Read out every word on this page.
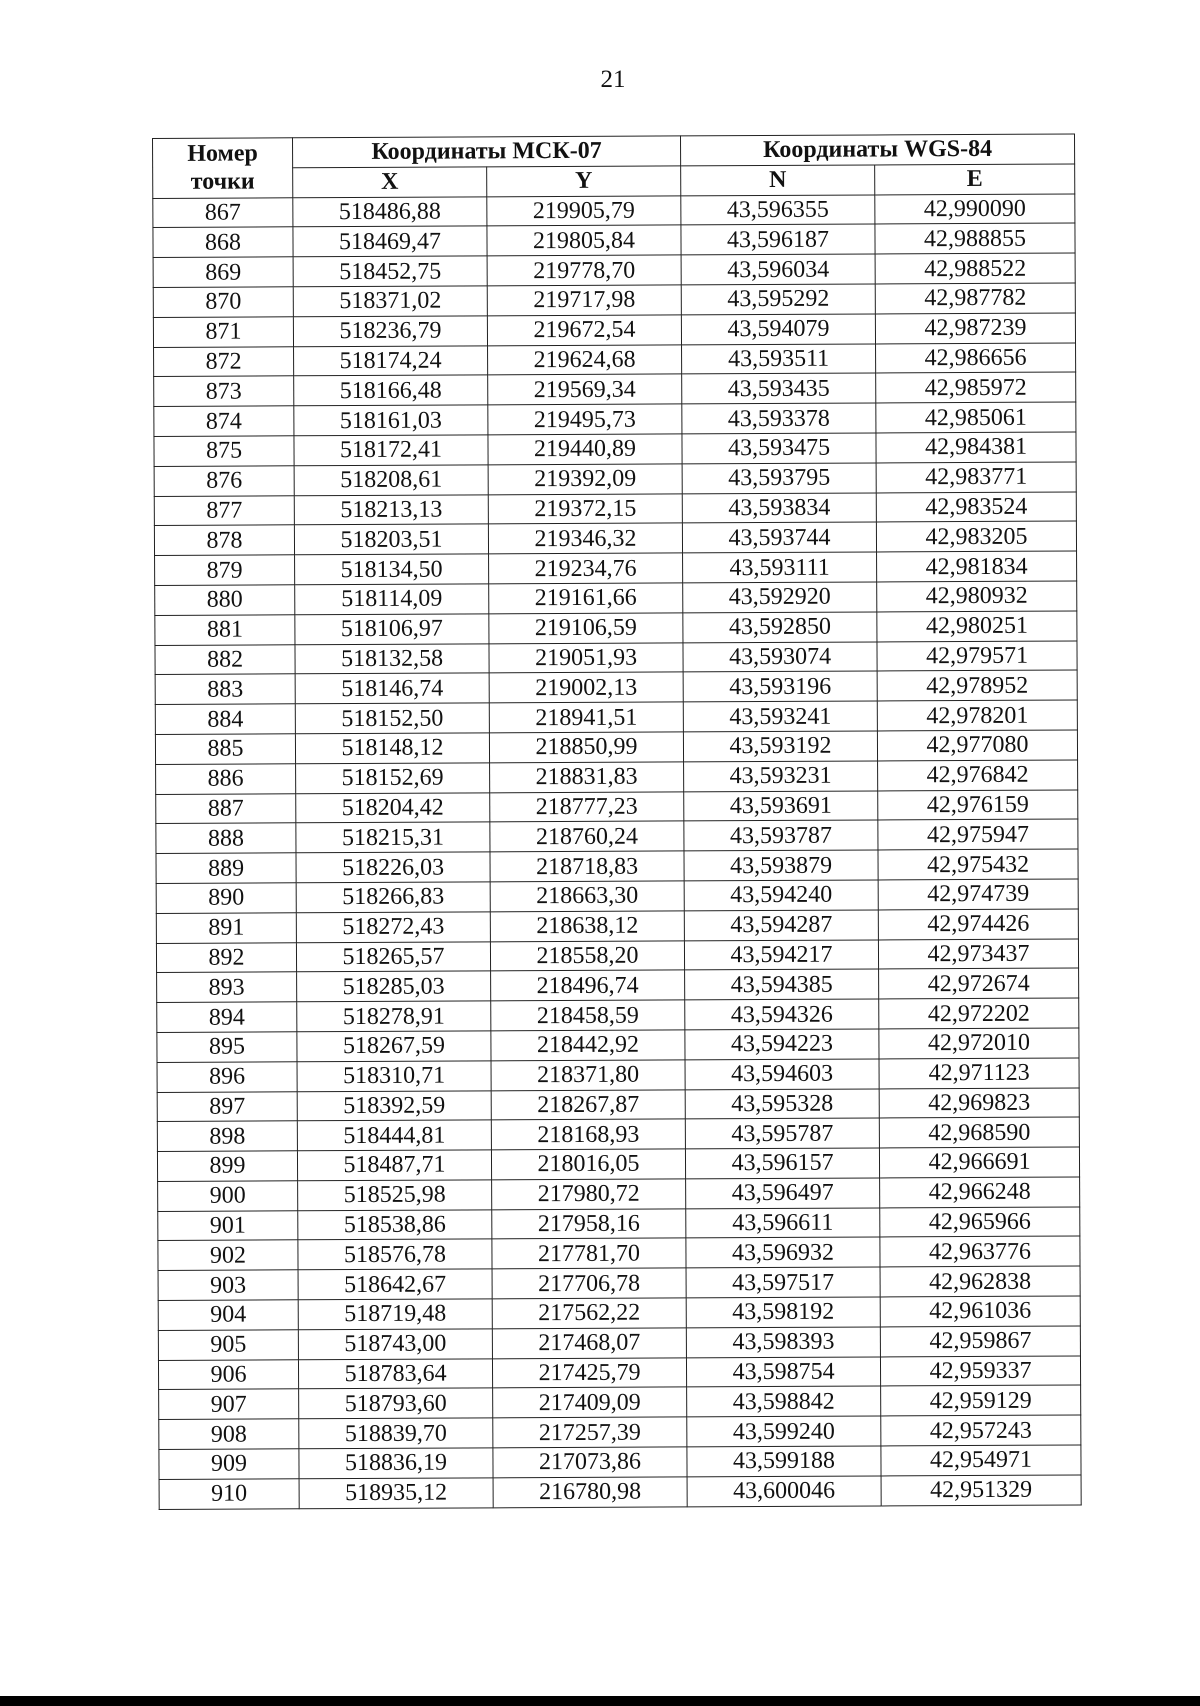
21
Номер точки	Координаты МСК-07		Координаты WGS-84	
	X	Y	N	E
867	518486,88	219905,79	43,596355	42,990090
868	518469,47	219805,84	43,596187	42,988855
869	518452,75	219778,70	43,596034	42,988522
870	518371,02	219717,98	43,595292	42,987782
871	518236,79	219672,54	43,594079	42,987239
872	518174,24	219624,68	43,593511	42,986656
873	518166,48	219569,34	43,593435	42,985972
874	518161,03	219495,73	43,593378	42,985061
875	518172,41	219440,89	43,593475	42,984381
876	518208,61	219392,09	43,593795	42,983771
877	518213,13	219372,15	43,593834	42,983524
878	518203,51	219346,32	43,593744	42,983205
879	518134,50	219234,76	43,593111	42,981834
880	518114,09	219161,66	43,592920	42,980932
881	518106,97	219106,59	43,592850	42,980251
882	518132,58	219051,93	43,593074	42,979571
883	518146,74	219002,13	43,593196	42,978952
884	518152,50	218941,51	43,593241	42,978201
885	518148,12	218850,99	43,593192	42,977080
886	518152,69	218831,83	43,593231	42,976842
887	518204,42	218777,23	43,593691	42,976159
888	518215,31	218760,24	43,593787	42,975947
889	518226,03	218718,83	43,593879	42,975432
890	518266,83	218663,30	43,594240	42,974739
891	518272,43	218638,12	43,594287	42,974426
892	518265,57	218558,20	43,594217	42,973437
893	518285,03	218496,74	43,594385	42,972674
894	518278,91	218458,59	43,594326	42,972202
895	518267,59	218442,92	43,594223	42,972010
896	518310,71	218371,80	43,594603	42,971123
897	518392,59	218267,87	43,595328	42,969823
898	518444,81	218168,93	43,595787	42,968590
899	518487,71	218016,05	43,596157	42,966691
900	518525,98	217980,72	43,596497	42,966248
901	518538,86	217958,16	43,596611	42,965966
902	518576,78	217781,70	43,596932	42,963776
903	518642,67	217706,78	43,597517	42,962838
904	518719,48	217562,22	43,598192	42,961036
905	518743,00	217468,07	43,598393	42,959867
906	518783,64	217425,79	43,598754	42,959337
907	518793,60	217409,09	43,598842	42,959129
908	518839,70	217257,39	43,599240	42,957243
909	518836,19	217073,86	43,599188	42,954971
910	518935,12	216780,98	43,600046	42,951329
